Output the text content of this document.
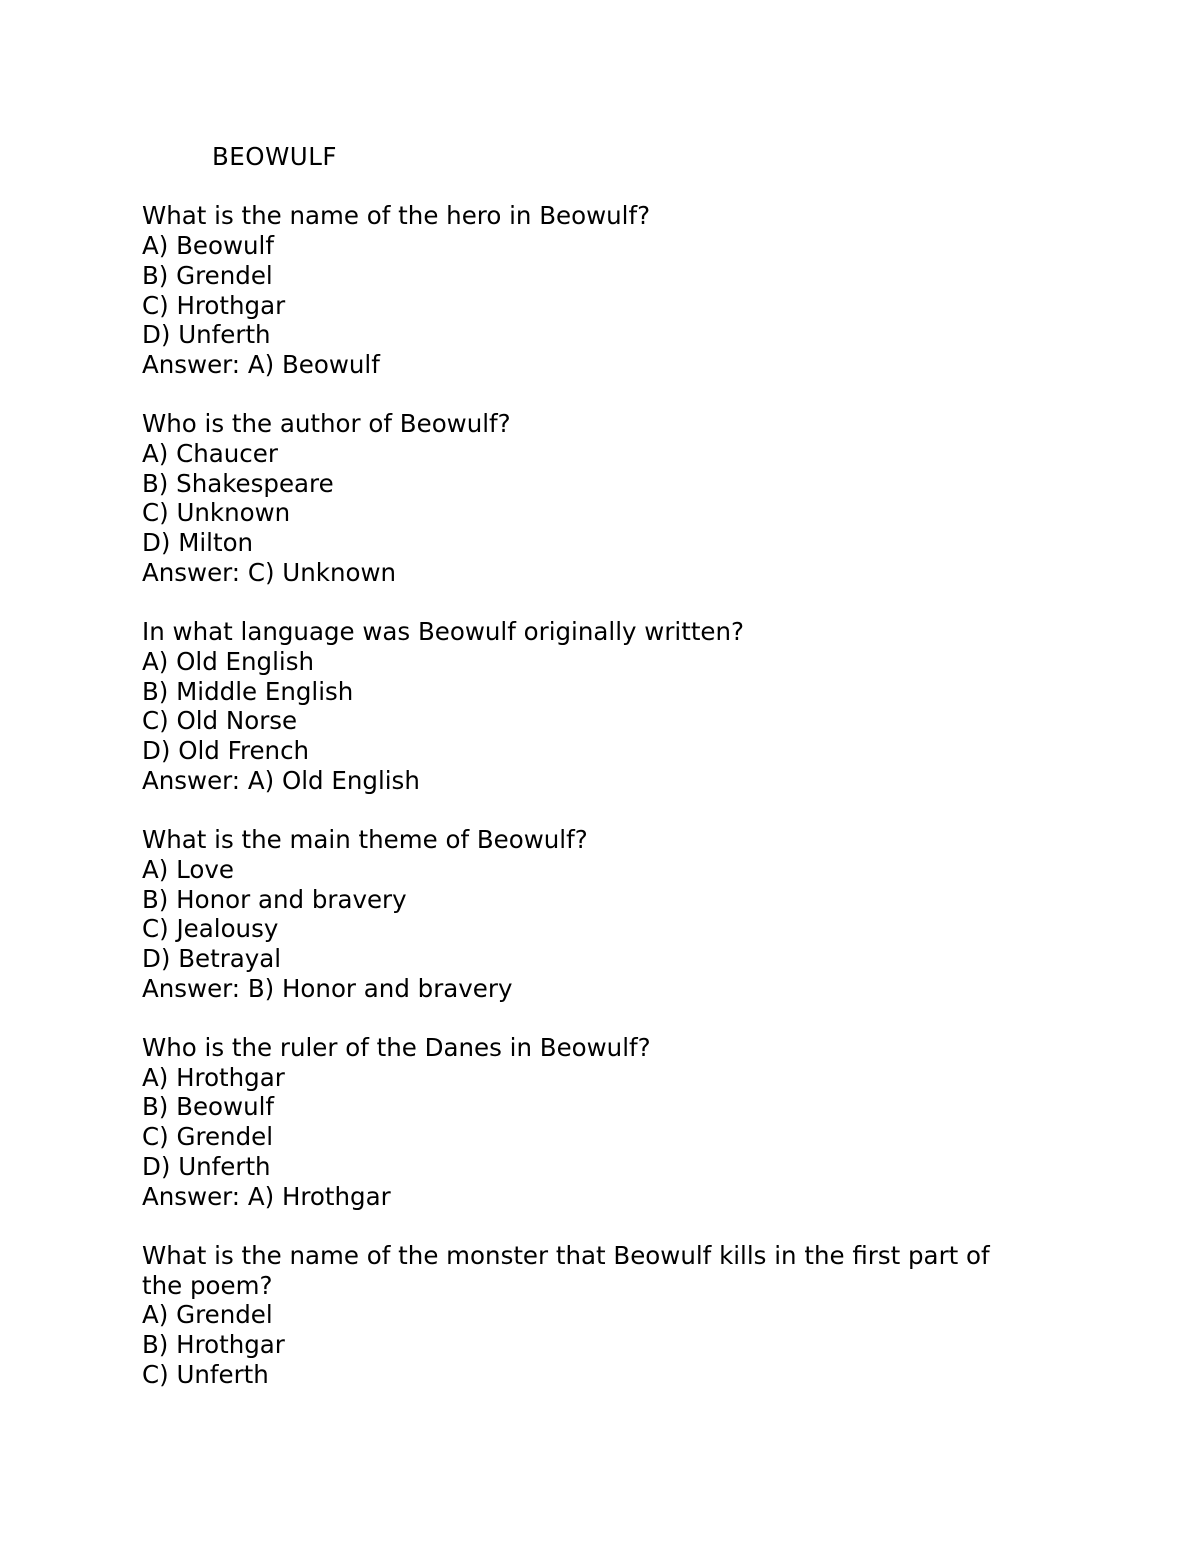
BEOWULF
What is the name of the hero in Beowulf?
A) Beowulf
B) Grendel
C) Hrothgar
D) Unferth
Answer: A) Beowulf
Who is the author of Beowulf?
A) Chaucer
B) Shakespeare
C) Unknown
D) Milton
Answer: C) Unknown
In what language was Beowulf originally written?
A) Old English
B) Middle English
C) Old Norse
D) Old French
Answer: A) Old English
What is the main theme of Beowulf?
A) Love
B) Honor and bravery
C) Jealousy
D) Betrayal
Answer: B) Honor and bravery
Who is the ruler of the Danes in Beowulf?
A) Hrothgar
B) Beowulf
C) Grendel
D) Unferth
Answer: A) Hrothgar
What is the name of the monster that Beowulf kills in the first part of the poem?
A) Grendel
B) Hrothgar
C) Unferth
